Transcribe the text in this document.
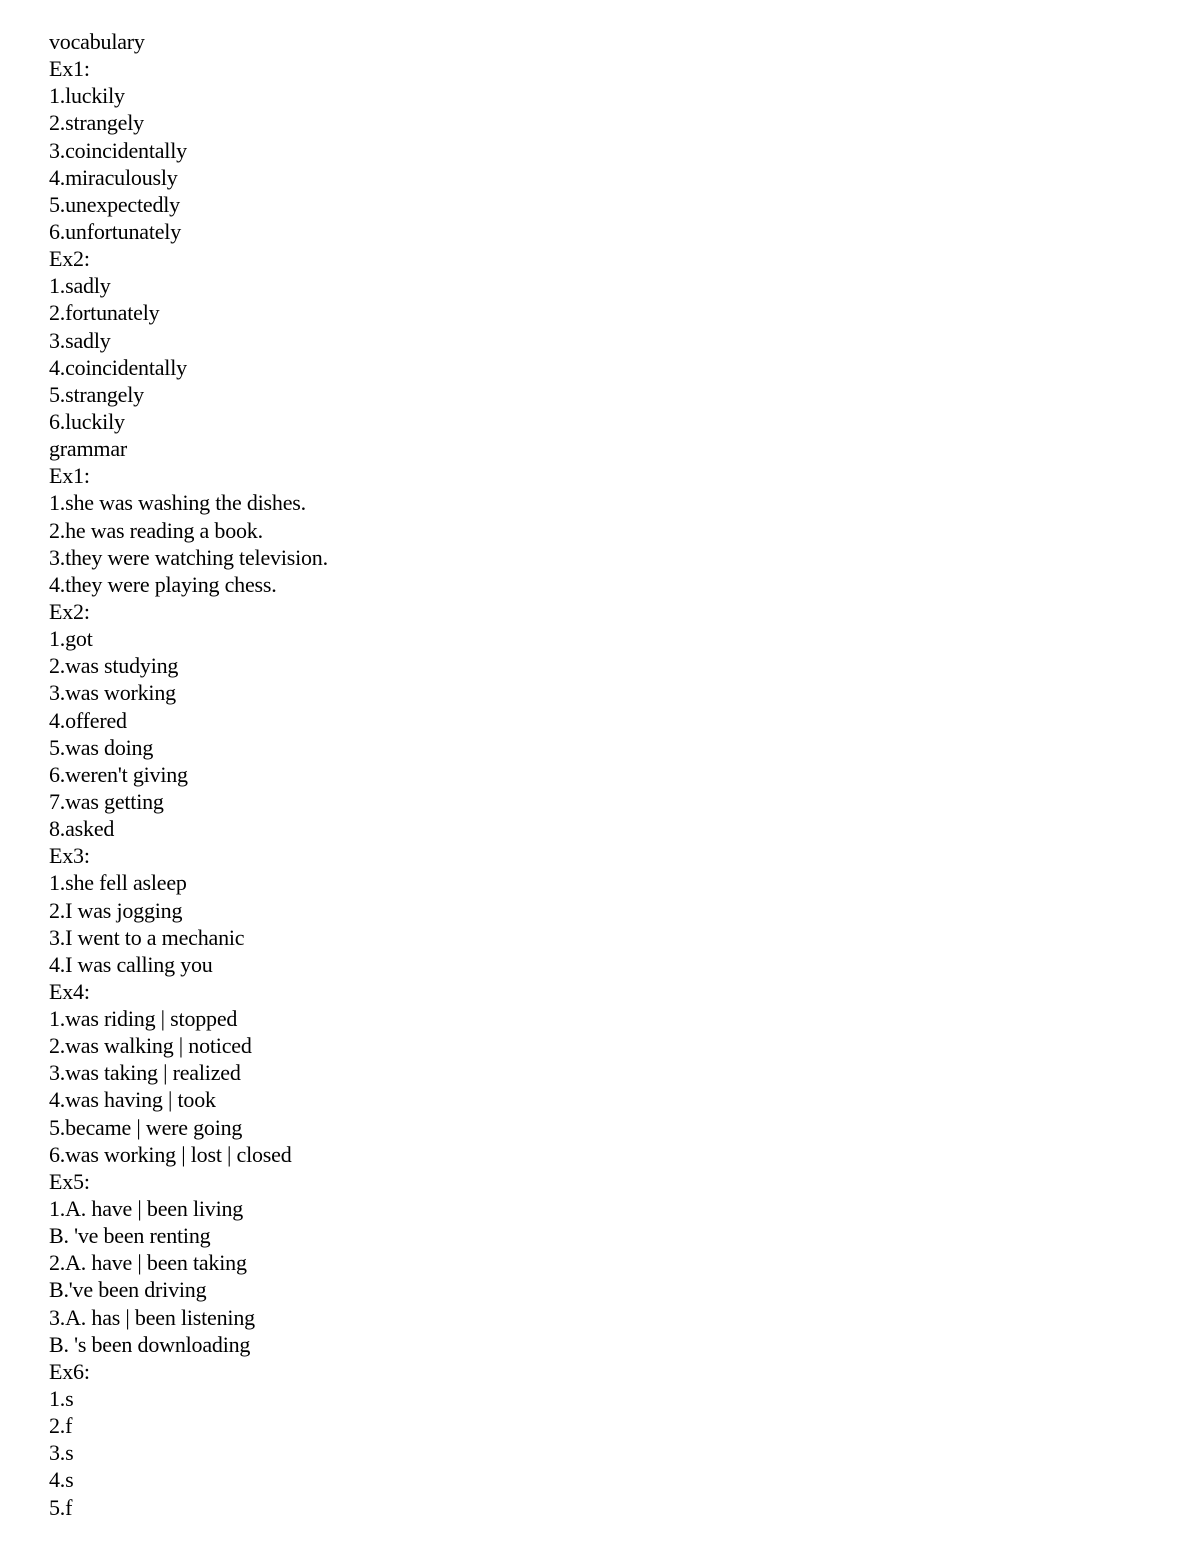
vocabulary
Ex1:
1.luckily
2.strangely
3.coincidentally
4.miraculously
5.unexpectedly
6.unfortunately
Ex2:
1.sadly
2.fortunately
3.sadly
4.coincidentally
5.strangely
6.luckily
grammar
Ex1:
1.she was washing the dishes.
2.he was reading a book.
3.they were watching television.
4.they were playing chess.
Ex2:
1.got
2.was studying
3.was working
4.offered
5.was doing
6.weren't giving
7.was getting
8.asked
Ex3:
1.she fell asleep
2.I was jogging
3.I went to a mechanic
4.I was calling you
Ex4:
1.was riding | stopped
2.was walking | noticed
3.was taking | realized
4.was having | took
5.became | were going
6.was working | lost | closed
Ex5:
1.A. have | been living
B. 've been renting
2.A. have | been taking
B.'ve been driving
3.A. has | been listening
B. 's been downloading
Ex6:
1.s
2.f
3.s
4.s
5.f
